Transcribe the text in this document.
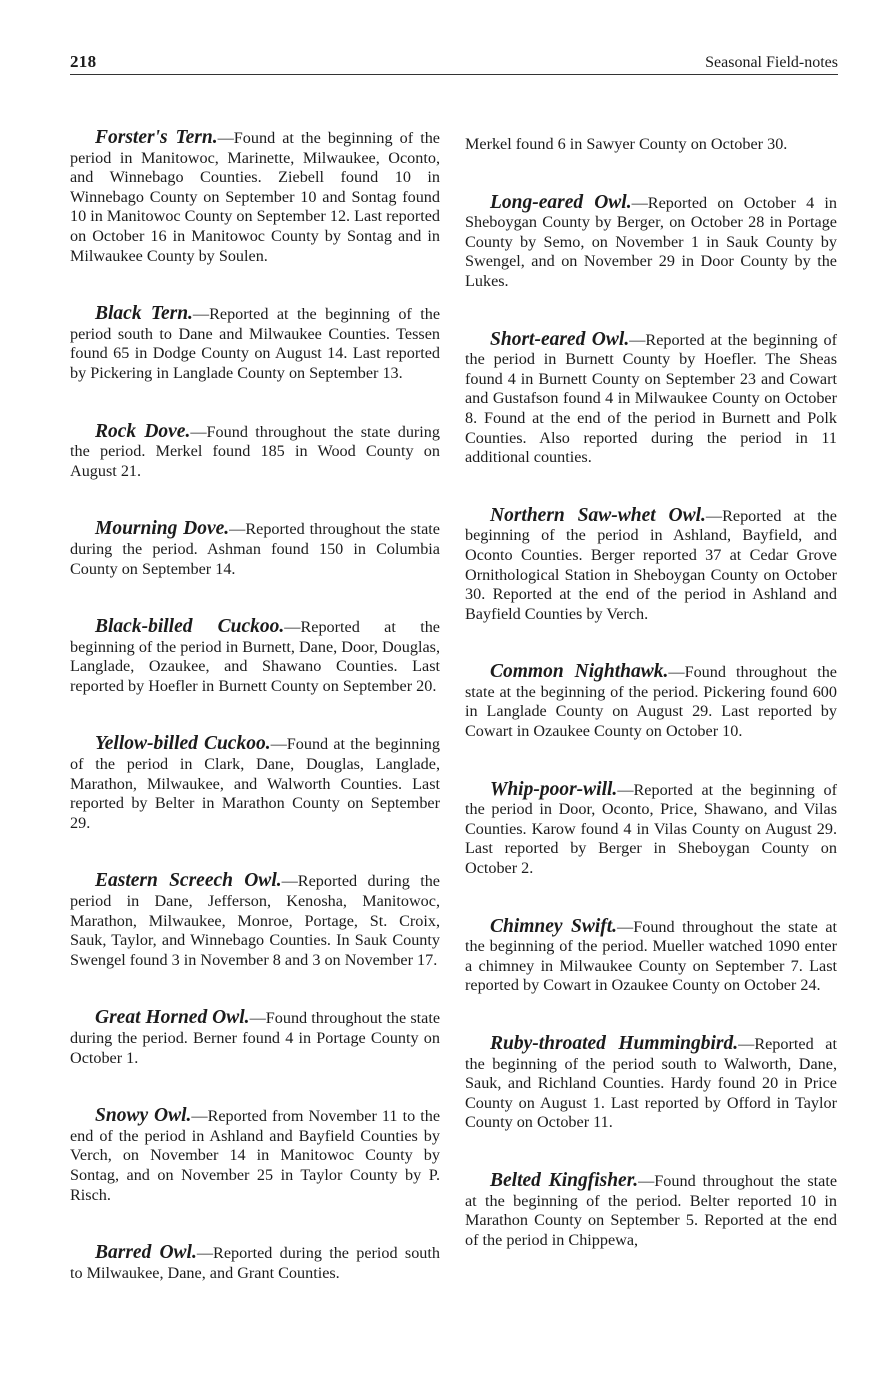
218	Seasonal Field-notes

Forster's Tern.—Found at the beginning of the period in Manitowoc, Marinette, Milwaukee, Oconto, and Winnebago Counties. Ziebell found 10 in Winnebago County on September 10 and Sontag found 10 in Manitowoc County on September 12. Last reported on October 16 in Manitowoc County by Sontag and in Milwaukee County by Soulen.

Black Tern.—Reported at the beginning of the period south to Dane and Milwaukee Counties. Tessen found 65 in Dodge County on August 14. Last reported by Pickering in Langlade County on September 13.

Rock Dove.—Found throughout the state during the period. Merkel found 185 in Wood County on August 21.

Mourning Dove.—Reported throughout the state during the period. Ashman found 150 in Columbia County on September 14.

Black-billed Cuckoo.—Reported at the beginning of the period in Burnett, Dane, Door, Douglas, Langlade, Ozaukee, and Shawano Counties. Last reported by Hoefler in Burnett County on September 20.

Yellow-billed Cuckoo.—Found at the beginning of the period in Clark, Dane, Douglas, Langlade, Marathon, Milwaukee, and Walworth Counties. Last reported by Belter in Marathon County on September 29.

Eastern Screech Owl.—Reported during the period in Dane, Jefferson, Kenosha, Manitowoc, Marathon, Milwaukee, Monroe, Portage, St. Croix, Sauk, Taylor, and Winnebago Counties. In Sauk County Swengel found 3 in November 8 and 3 on November 17.

Great Horned Owl.—Found throughout the state during the period. Berner found 4 in Portage County on October 1.

Snowy Owl.—Reported from November 11 to the end of the period in Ashland and Bayfield Counties by Verch, on November 14 in Manitowoc County by Sontag, and on November 25 in Taylor County by P. Risch.

Barred Owl.—Reported during the period south to Milwaukee, Dane, and Grant Counties.

Merkel found 6 in Sawyer County on October 30.

Long-eared Owl.—Reported on October 4 in Sheboygan County by Berger, on October 28 in Portage County by Semo, on November 1 in Sauk County by Swengel, and on November 29 in Door County by the Lukes.

Short-eared Owl.—Reported at the beginning of the period in Burnett County by Hoefler. The Sheas found 4 in Burnett County on September 23 and Cowart and Gustafson found 4 in Milwaukee County on October 8. Found at the end of the period in Burnett and Polk Counties. Also reported during the period in 11 additional counties.

Northern Saw-whet Owl.—Reported at the beginning of the period in Ashland, Bayfield, and Oconto Counties. Berger reported 37 at Cedar Grove Ornithological Station in Sheboygan County on October 30. Reported at the end of the period in Ashland and Bayfield Counties by Verch.

Common Nighthawk.—Found throughout the state at the beginning of the period. Pickering found 600 in Langlade County on August 29. Last reported by Cowart in Ozaukee County on October 10.

Whip-poor-will.—Reported at the beginning of the period in Door, Oconto, Price, Shawano, and Vilas Counties. Karow found 4 in Vilas County on August 29. Last reported by Berger in Sheboygan County on October 2.

Chimney Swift.—Found throughout the state at the beginning of the period. Mueller watched 1090 enter a chimney in Milwaukee County on September 7. Last reported by Cowart in Ozaukee County on October 24.

Ruby-throated Hummingbird.—Reported at the beginning of the period south to Walworth, Dane, Sauk, and Richland Counties. Hardy found 20 in Price County on August 1. Last reported by Offord in Taylor County on October 11.

Belted Kingfisher.—Found throughout the state at the beginning of the period. Belter reported 10 in Marathon County on September 5. Reported at the end of the period in Chippewa,
